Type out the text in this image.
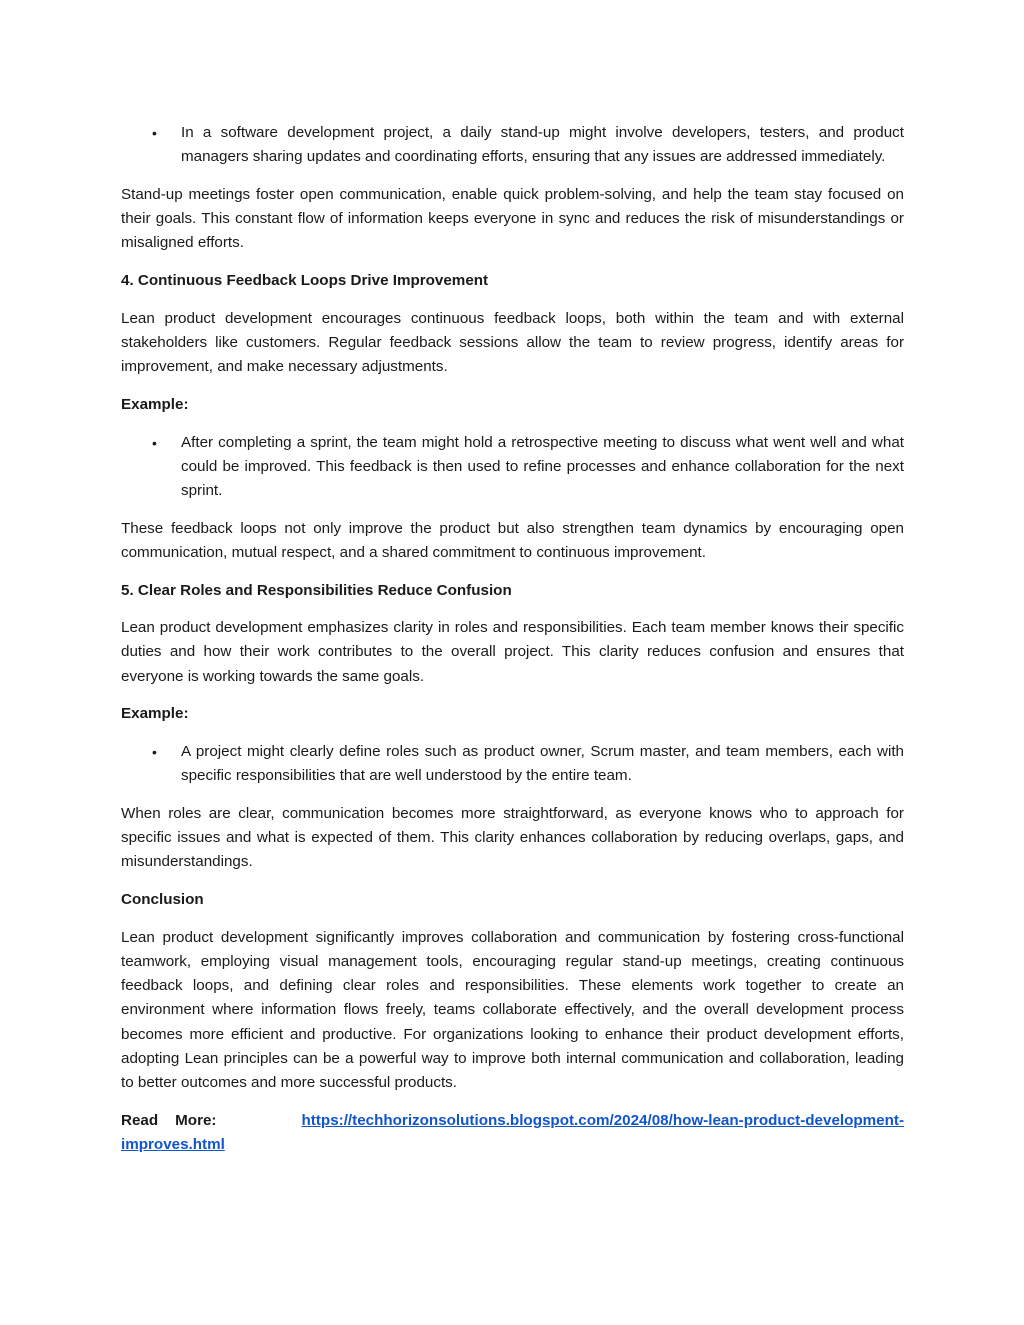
• In a software development project, a daily stand-up might involve developers, testers, and product managers sharing updates and coordinating efforts, ensuring that any issues are addressed immediately.

Stand-up meetings foster open communication, enable quick problem-solving, and help the team stay focused on their goals. This constant flow of information keeps everyone in sync and reduces the risk of misunderstandings or misaligned efforts.

4. Continuous Feedback Loops Drive Improvement

Lean product development encourages continuous feedback loops, both within the team and with external stakeholders like customers. Regular feedback sessions allow the team to review progress, identify areas for improvement, and make necessary adjustments.

Example:

• After completing a sprint, the team might hold a retrospective meeting to discuss what went well and what could be improved. This feedback is then used to refine processes and enhance collaboration for the next sprint.

These feedback loops not only improve the product but also strengthen team dynamics by encouraging open communication, mutual respect, and a shared commitment to continuous improvement.

5. Clear Roles and Responsibilities Reduce Confusion

Lean product development emphasizes clarity in roles and responsibilities. Each team member knows their specific duties and how their work contributes to the overall project. This clarity reduces confusion and ensures that everyone is working towards the same goals.

Example:

• A project might clearly define roles such as product owner, Scrum master, and team members, each with specific responsibilities that are well understood by the entire team.

When roles are clear, communication becomes more straightforward, as everyone knows who to approach for specific issues and what is expected of them. This clarity enhances collaboration by reducing overlaps, gaps, and misunderstandings.

Conclusion

Lean product development significantly improves collaboration and communication by fostering cross-functional teamwork, employing visual management tools, encouraging regular stand-up meetings, creating continuous feedback loops, and defining clear roles and responsibilities. These elements work together to create an environment where information flows freely, teams collaborate effectively, and the overall development process becomes more efficient and productive. For organizations looking to enhance their product development efforts, adopting Lean principles can be a powerful way to improve both internal communication and collaboration, leading to better outcomes and more successful products.

Read More:	https://techhorizonsolutions.blogspot.com/2024/08/how-lean-product-development-improves.html
